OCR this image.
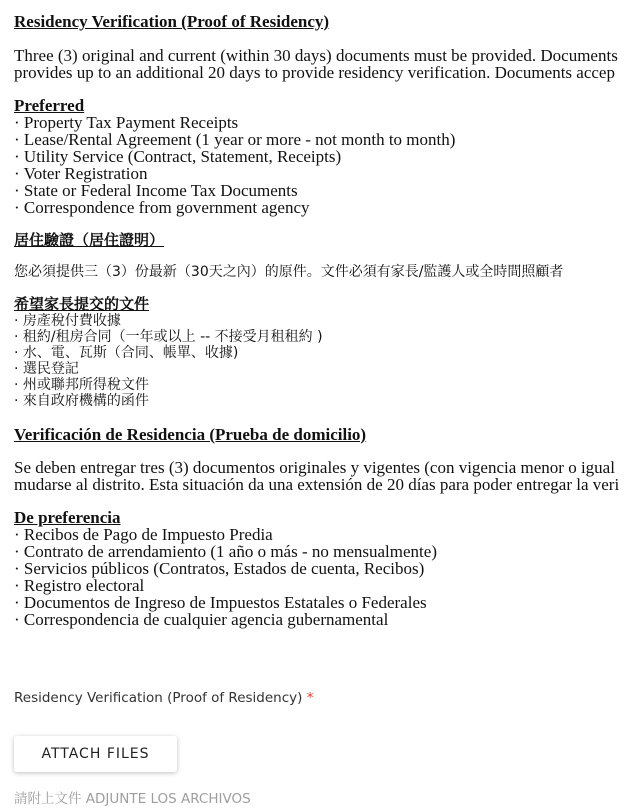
Residency Verification (Proof of Residency)
Three (3) original and current (within 30 days) documents must be provided. Documents
provides up to an additional 20 days to provide residency verification. Documents accep
Preferred
· Property Tax Payment Receipts
· Lease/Rental Agreement (1 year or more - not month to month)
· Utility Service (Contract, Statement, Receipts)
· Voter Registration
· State or Federal Income Tax Documents
· Correspondence from government agency
居住驗證（居住證明）
您必須提供三（3）份最新（30天之內）的原件。文件必須有家長/監護人或全時間照顧者
希望家長提交的文件
· 房產稅付費收據
· 租約/租房合同（一年或以上 -- 不接受月租租約 )
· 水、電、瓦斯（合同、帳單、收據)
· 選民登記
· 州或聯邦所得稅文件
· 來自政府機構的函件
Verificación de Residencia (Prueba de domicilio)
Se deben entregar tres (3) documentos originales y vigentes (con vigencia menor o igual
mudarse al distrito. Esta situación da una extensión de 20 días para poder entregar la veri
De preferencia
· Recibos de Pago de Impuesto Predia
· Contrato de arrendamiento (1 año o más - no mensualmente)
· Servicios públicos (Contratos, Estados de cuenta, Recibos)
· Registro electoral
· Documentos de Ingreso de Impuestos Estatales o Federales
· Correspondencia de cualquier agencia gubernamental
Residency Verification (Proof of Residency) *
ATTACH FILES
請附上文件 ADJUNTE LOS ARCHIVOS
